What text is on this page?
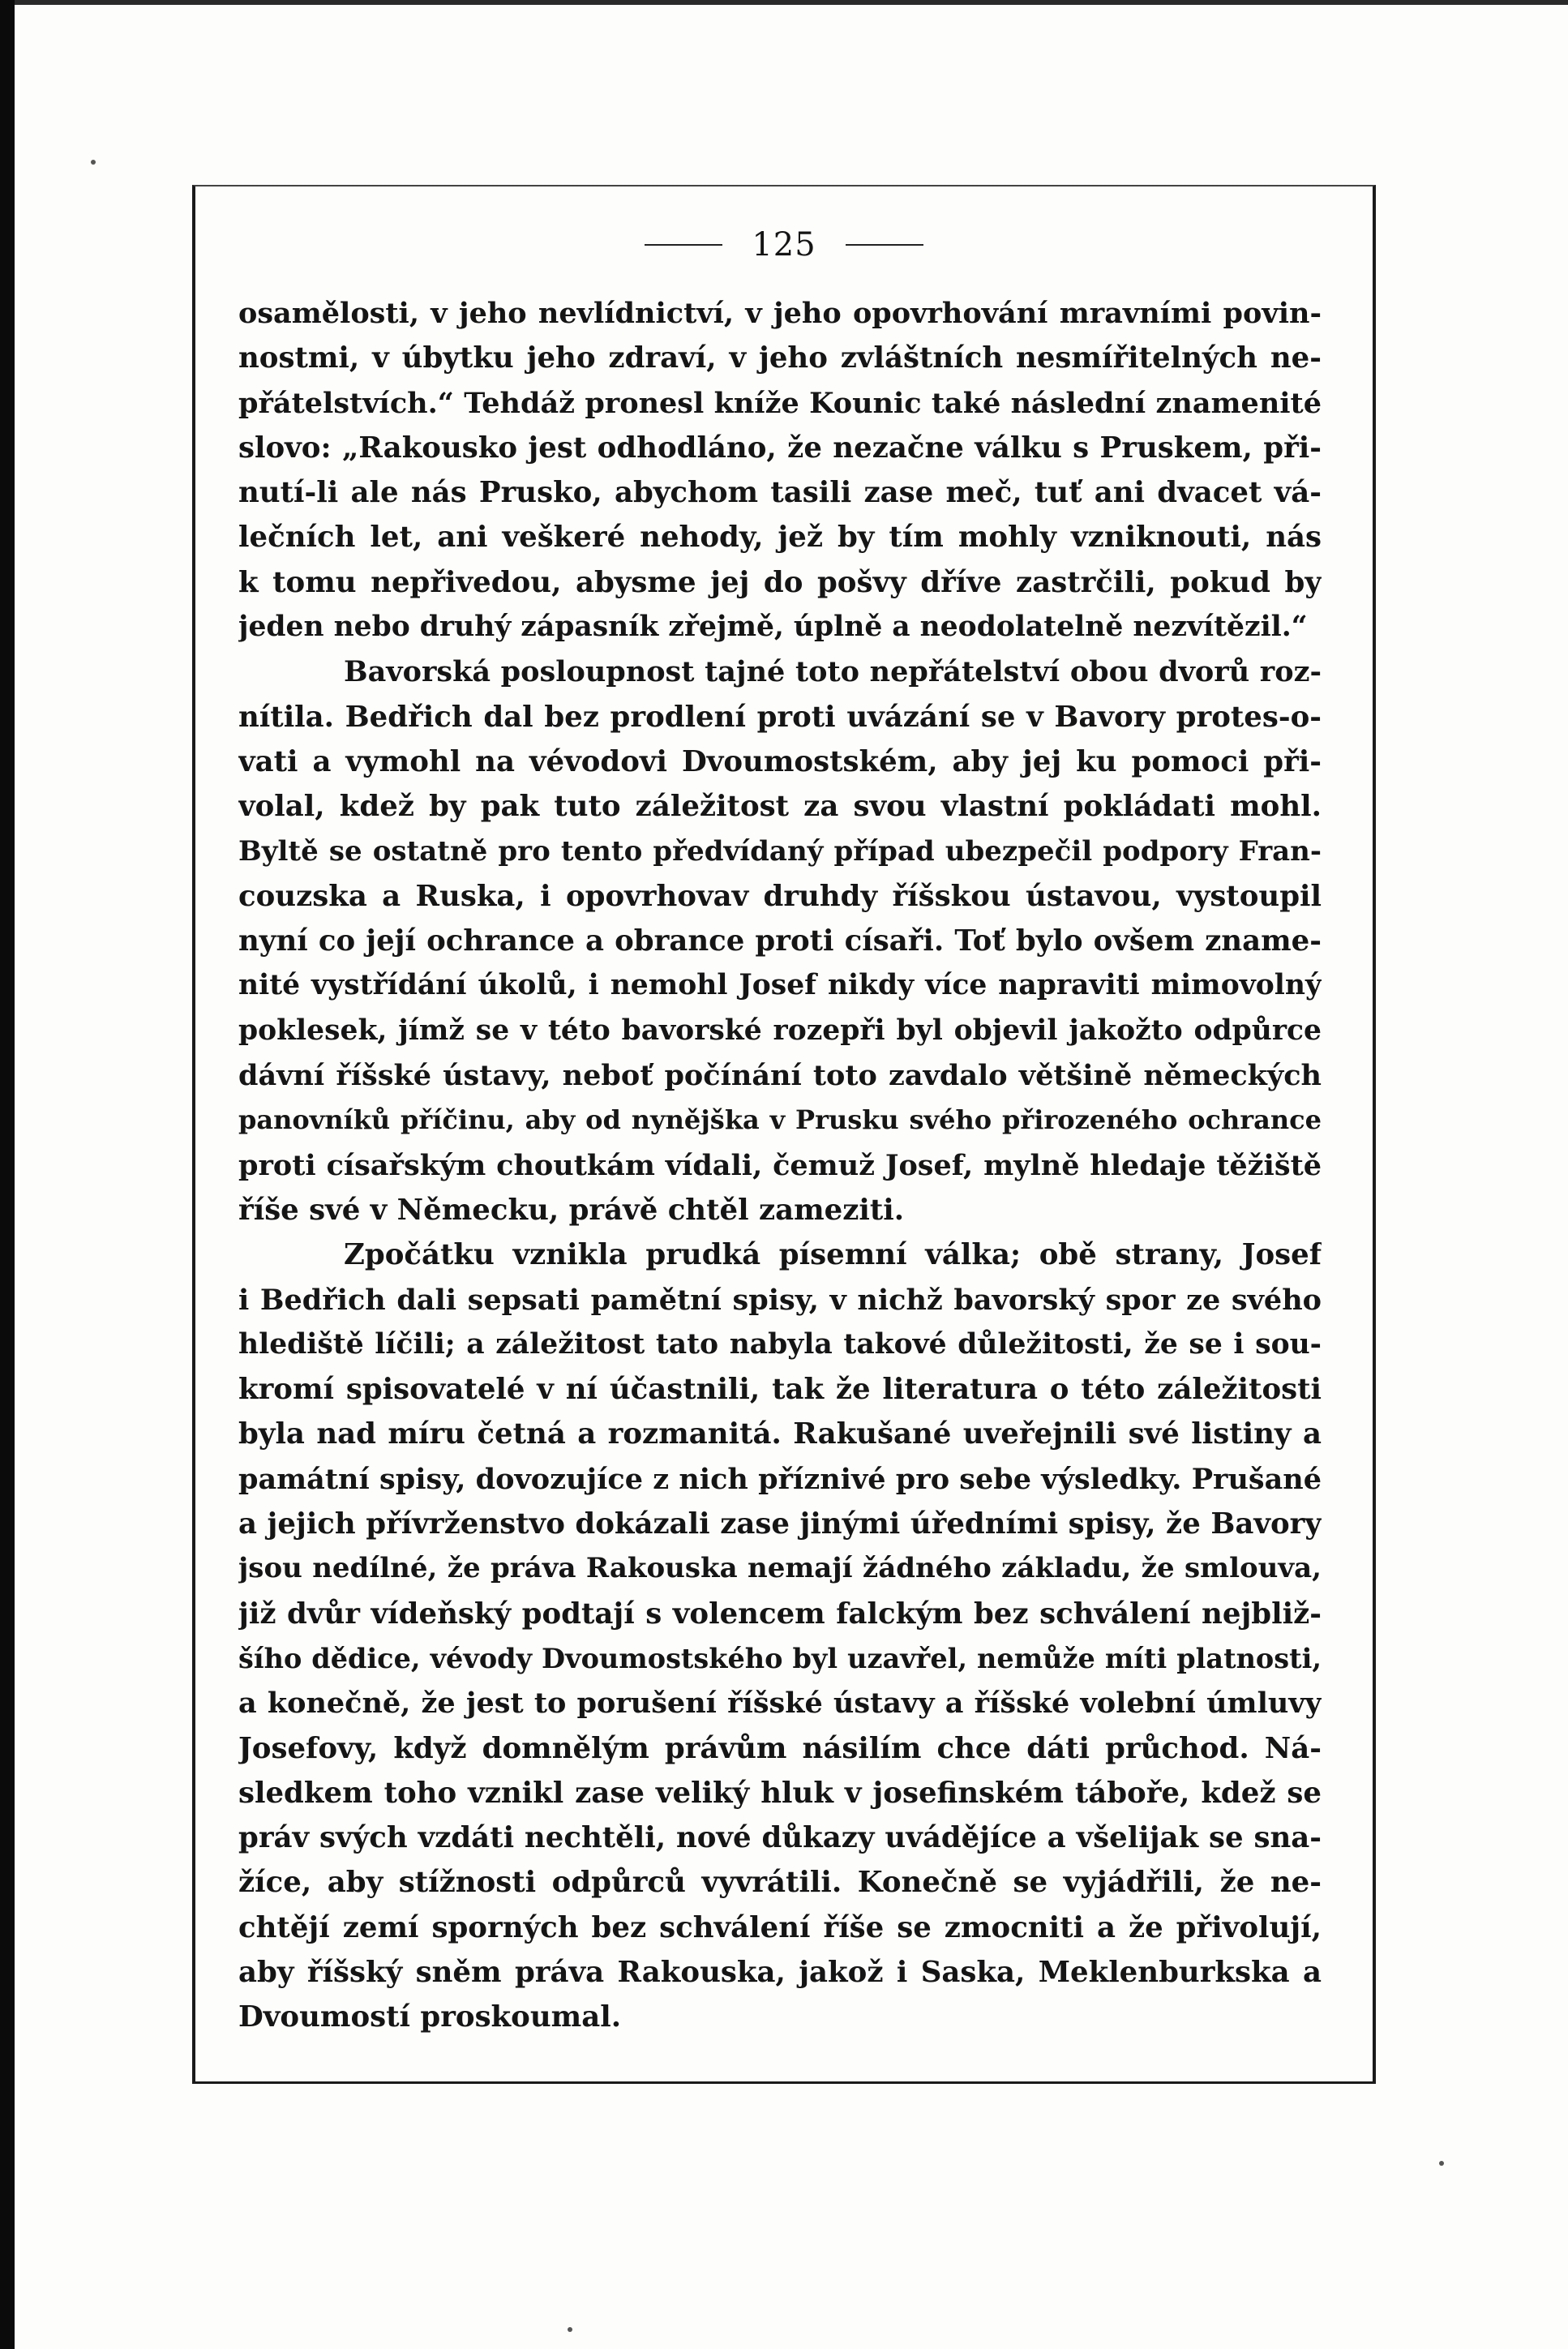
125
osamělosti, v jeho nevlídnictví, v jeho opovrhování mravními povin-
nostmi, v úbytku jeho zdraví, v jeho zvláštních nesmířitelných ne-
přátelstvích.“ Tehdáž pronesl kníže Kounic také následní znamenité
slovo: „Rakousko jest odhodláno, že nezačne válku s Pruskem, při-
nutí-li ale nás Prusko, abychom tasili zase meč, tuť ani dvacet vá-
lečních let, ani veškeré nehody, jež by tím mohly vzniknouti, nás
k tomu nepřivedou, abysme jej do pošvy dříve zastrčili, pokud by
jeden nebo druhý zápasník zřejmě, úplně a neodolatelně nezvítězil.“
Bavorská posloupnost tajné toto nepřátelství obou dvorů roz-
nítila. Bedřich dal bez prodlení proti uvázání se v Bavory protes-o-
vati a vymohl na vévodovi Dvoumostském, aby jej ku pomoci při-
volal, kdež by pak tuto záležitost za svou vlastní pokládati mohl.
Byltě se ostatně pro tento předvídaný případ ubezpečil podpory Fran-
couzska a Ruska, i opovrhovav druhdy říšskou ústavou, vystoupil
nyní co její ochrance a obrance proti císaři. Toť bylo ovšem zname-
nité vystřídání úkolů, i nemohl Josef nikdy více napraviti mimovolný
poklesek, jímž se v této bavorské rozepři byl objevil jakožto odpůrce
dávní říšské ústavy, neboť počínání toto zavdalo většině německých
panovníků příčinu, aby od nynějška v Prusku svého přirozeného ochrance
proti císařským choutkám vídali, čemuž Josef, mylně hledaje těžiště
říše své v Německu, právě chtěl zameziti.
Zpočátku vznikla prudká písemní válka; obě strany, Josef
i Bedřich dali sepsati pamětní spisy, v nichž bavorský spor ze svého
hlediště líčili; a záležitost tato nabyla takové důležitosti, že se i sou-
kromí spisovatelé v ní účastnili, tak že literatura o této záležitosti
byla nad míru četná a rozmanitá. Rakušané uveřejnili své listiny a
památní spisy, dovozujíce z nich příznivé pro sebe výsledky. Prušané
a jejich přívrženstvo dokázali zase jinými úředními spisy, že Bavory
jsou nedílné, že práva Rakouska nemají žádného základu, že smlouva,
již dvůr vídeňský podtají s volencem falckým bez schválení nejbliž-
šího dědice, vévody Dvoumostského byl uzavřel, nemůže míti platnosti,
a konečně, že jest to porušení říšské ústavy a říšské volební úmluvy
Josefovy, když domnělým právům násilím chce dáti průchod. Ná-
sledkem toho vznikl zase veliký hluk v josefinském táboře, kdež se
práv svých vzdáti nechtěli, nové důkazy uvádějíce a všelijak se sna-
žíce, aby stížnosti odpůrců vyvrátili. Konečně se vyjádřili, že ne-
chtějí zemí sporných bez schválení říše se zmocniti a že přivolují,
aby říšský sněm práva Rakouska, jakož i Saska, Meklenburkska a
Dvoumostí proskoumal.
